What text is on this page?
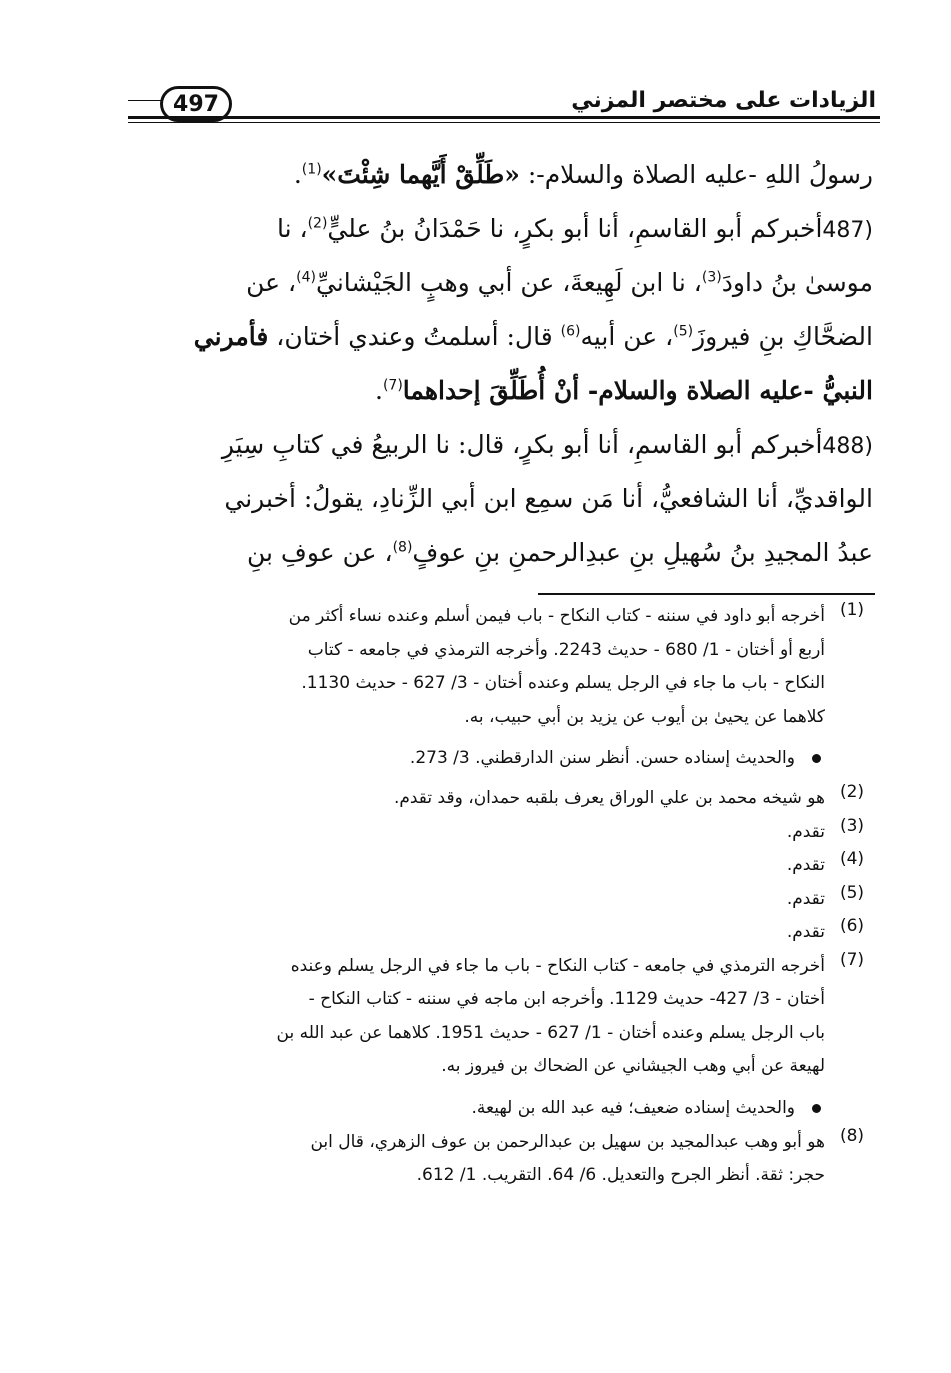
الزيادات على مختصر المزني
497
رسولُ اللهِ -عليه الصلاة والسلام-: «طَلِّقْ أَيَّهما شِئْتَ»$^{(1)}$.
487)أخبركم أبو القاسمِ، أنا أبو بكرٍ، نا حَمْدَانُ بنُ عليٍّ$^{(2)}$، نا
موسىٰ بنُ داودَ$^{(3)}$، نا ابن لَهِيعةَ، عن أبي وهبٍ الجَيْشانيِّ$^{(4)}$، عن
الضحَّاكِ بنِ فيروزَ$^{(5)}$، عن أبيه$^{(6)}$ قال: أسلمتُ وعندي أختان، فأمرني
النبيُّ -عليه الصلاة والسلام- أنْ أُطَلِّقَ إحداهما$^{(7)}$.
488)أخبركم أبو القاسمِ، أنا أبو بكرٍ، قال: نا الربيعُ في كتابِ سِيَرِ
الواقديِّ، أنا الشافعيُّ، أنا مَن سمِع ابن أبي الزِّنادِ، يقولُ: أخبرني
عبدُ المجيدِ بنُ سُهيلِ بنِ عبدِالرحمنِ بنِ عوفٍ$^{(8)}$، عن عوفِ بنِ
(1)
أخرجه أبو داود في سننه - كتاب النكاح - باب فيمن أسلم وعنده نساء أكثر من
أربع أو أختان - 1/ 680 - حديث 2243. وأخرجه الترمذي في جامعه - كتاب
النكاح - باب ما جاء في الرجل يسلم وعنده أختان - 3/ 627 - حديث 1130.
كلاهما عن يحيىٰ بن أيوب عن يزيد بن أبي حبيب، به.
والحديث إسناده حسن. أنظر سنن الدارقطني. 3/ 273.
(2)
هو شيخه محمد بن علي الوراق يعرف بلقبه حمدان، وقد تقدم.
(3)
تقدم.
(4)
تقدم.
(5)
تقدم.
(6)
تقدم.
(7)
أخرجه الترمذي في جامعه - كتاب النكاح - باب ما جاء في الرجل يسلم وعنده
أختان - 3/ 427- حديث 1129. وأخرجه ابن ماجه في سننه - كتاب النكاح -
باب الرجل يسلم وعنده أختان - 1/ 627 - حديث 1951. كلاهما عن عبد الله بن
لهيعة عن أبي وهب الجيشاني عن الضحاك بن فيروز به.
والحديث إسناده ضعيف؛ فيه عبد الله بن لهيعة.
(8)
هو أبو وهب عبدالمجيد بن سهيل بن عبدالرحمن بن عوف الزهري، قال ابن
حجر: ثقة. أنظر الجرح والتعديل. 6/ 64. التقريب. 1/ 612.
